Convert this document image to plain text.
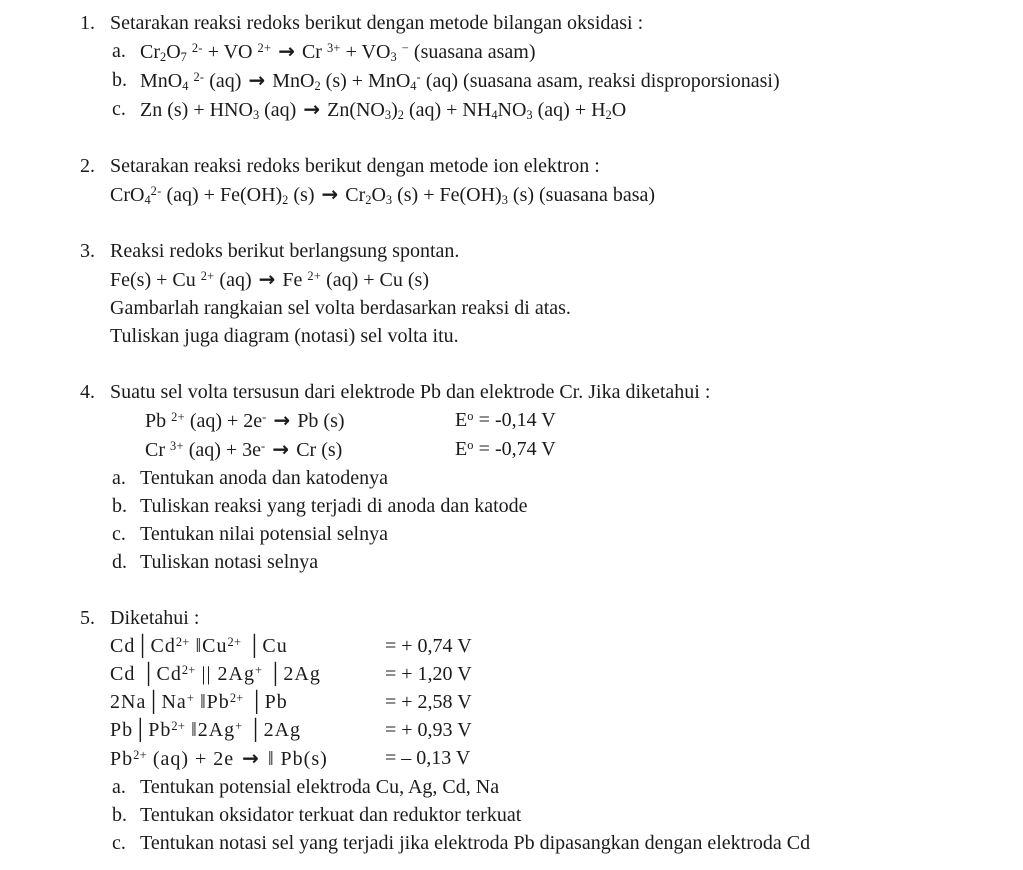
1. Setarakan reaksi redoks berikut dengan metode bilangan oksidasi :
a. $Cr_2O_7$ $^{2-}$ + VO $^{2+}$ → Cr $^{3+} + VO_3$ − (suasana asam)
b. MnO$_4$ $^{2-}$ (aq) → MnO$_2$ (s) + MnO$_4$- (aq) (suasana asam, reaksi disproporsionasi)
c. Zn $(s) + HNO_3$ $(aq) \to Zn(NO_3)_2$ $(aq) + NH_4NO_3$ $(aq) + H_2O$
2. Setarakan reaksi redoks berikut dengan metode ion elektron :
CrO$_4^{2-}$ $(aq) + Fe(OH)_2$ $(s) \to Cr_2O_3$ $(s) + Fe(OH)_3$ (s) (suasana basa)
3. Reaksi redoks berikut berlangsung spontan.
Fe(s) + Cu $^{2+}$ (aq) → Fe $^{2+}$ (aq) + Cu (s)
Gambarlah rangkaian sel volta berdasarkan reaksi di atas.
Tuliskan juga diagram (notasi) sel volta itu.
4. Suatu sel volta tersusun dari elektrode Pb dan elektrode Cr. Jika diketahui :
Pb $^{2+}$ (aq) + 2e- → Pb (s)	$E^o = -0,14$ V
Cr $^{3+}$ (aq) + 3e- → Cr (s)	$E^o = -0,74$ V
a. Tentukan anoda dan katodenya
b. Tuliskan reaksi yang terjadi di anoda dan katode
c. Tentukan nilai potensial selnya
d. Tuliskan notasi selnya
5. Diketahui :
$Cd│Cd^{2+}$ $‖Cu^{2+}$ │Cu	= + 0,74 V
Cd $│Cd^{2+}$ || 2Ag+ │2Ag	= + 1,20 V
2Na│Na+ $‖Pb^{2+}$ │Pb	= + 2,58 V
$Pb│Pb^{2+}$ ‖2Ag+ │2Ag	= + 0,93 V
$Pb^{2+}$ (aq) + 2e → ‖ Pb(s)	= – 0,13 V
a. Tentukan potensial elektroda Cu, Ag, Cd, Na
b. Tentukan oksidator terkuat dan reduktor terkuat
c. Tentukan notasi sel yang terjadi jika elektroda Pb dipasangkan dengan elektroda Cd
